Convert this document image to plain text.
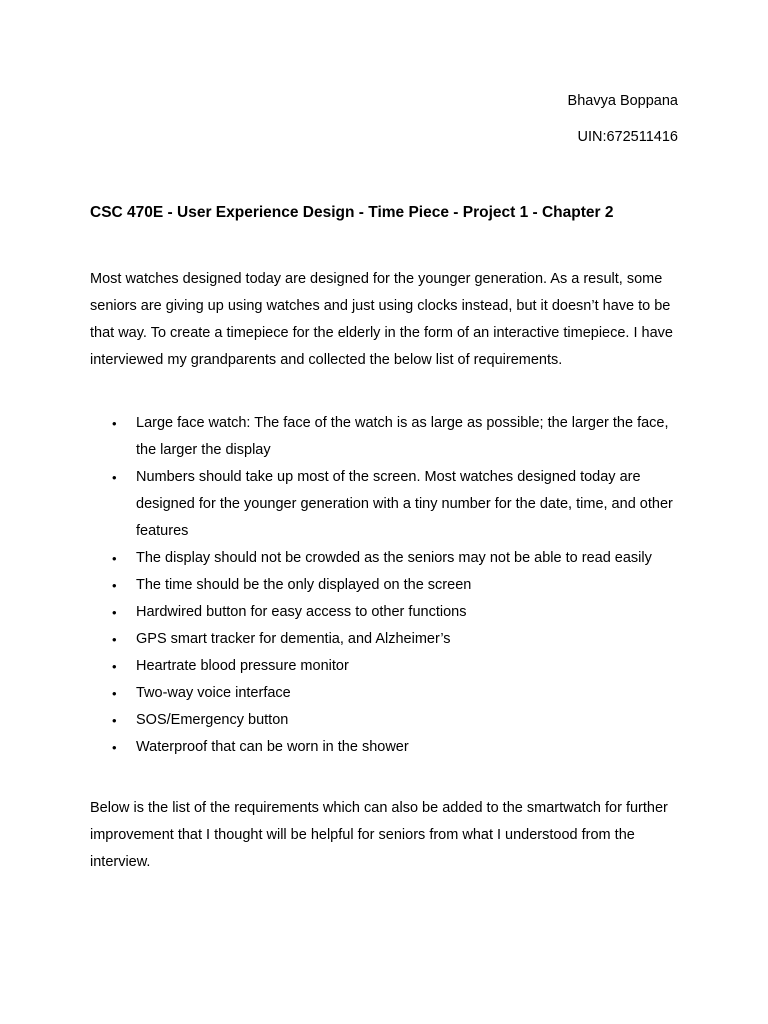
Bhavya Boppana

UIN:672511416

CSC 470E - User Experience Design - Time Piece - Project 1 - Chapter 2

Most watches designed today are designed for the younger generation. As a result, some seniors are giving up using watches and just using clocks instead, but it doesn’t have to be that way. To create a timepiece for the elderly in the form of an interactive timepiece. I have interviewed my grandparents and collected the below list of requirements.

• Large face watch: The face of the watch is as large as possible; the larger the face, the larger the display
• Numbers should take up most of the screen. Most watches designed today are designed for the younger generation with a tiny number for the date, time, and other features
• The display should not be crowded as the seniors may not be able to read easily
• The time should be the only displayed on the screen
• Hardwired button for easy access to other functions
• GPS smart tracker for dementia, and Alzheimer’s
• Heartrate blood pressure monitor
• Two-way voice interface
• SOS/Emergency button
• Waterproof that can be worn in the shower

Below is the list of the requirements which can also be added to the smartwatch for further improvement that I thought will be helpful for seniors from what I understood from the interview.
